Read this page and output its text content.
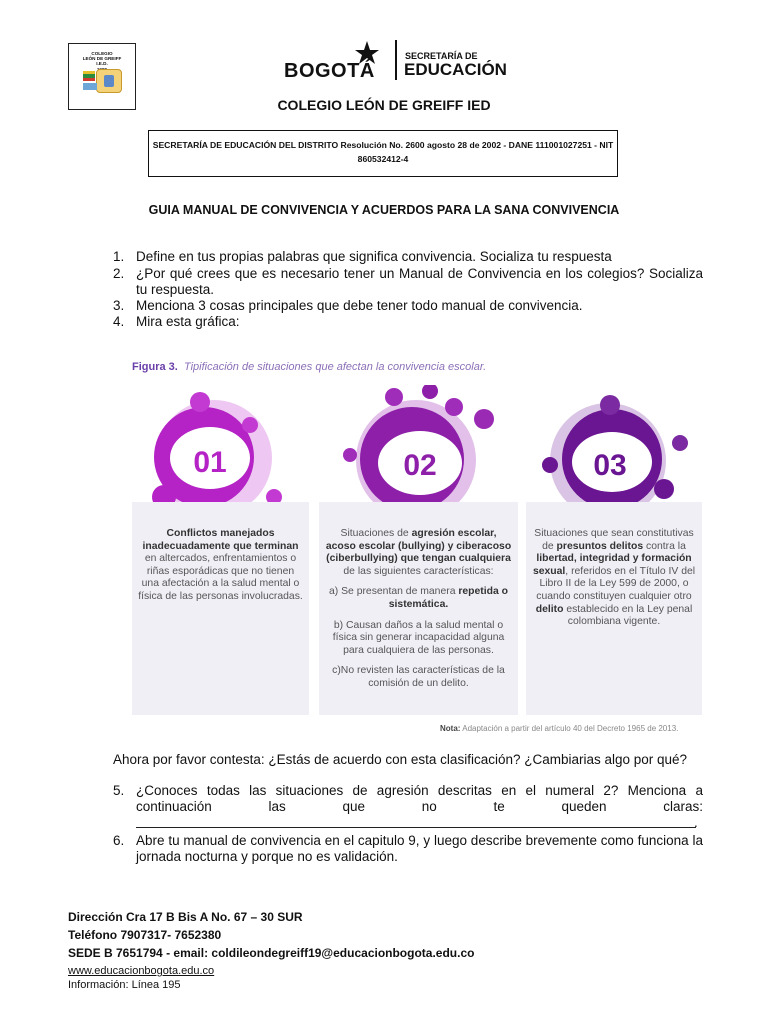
COLEGIO
LEÓN DE GREIFF
I.E.D.	BOGOTÁ
SECRETARÍA DE
EDUCACIÓN
COLEGIO LEÓN DE GREIFF IED
SECRETARÍA DE EDUCACIÓN DEL DISTRITO Resolución No. 2600 agosto 28 de 2002 - DANE 111001027251 - NIT 860532412-4
GUIA MANUAL DE CONVIVENCIA Y ACUERDOS PARA LA SANA CONVIVENCIA
1. Define en tus propias palabras que significa convivencia. Socializa tu respuesta
2. ¿Por qué crees que es necesario tener un Manual de Convivencia en los colegios? Socializa tu respuesta.
3. Menciona 3 cosas principales que debe tener todo manual de convivencia.
4. Mira esta gráfica:
Figura 3. Tipificación de situaciones que afectan la convivencia escolar.
01	02	03
Conflictos manejados inadecuadamente que terminan en altercados, enfrentamientos o riñas esporádicas que no tienen una afectación a la salud mental o física de las personas involucradas.

Situaciones de agresión escolar, acoso escolar (bullying) y ciberacoso (ciberbullying) que tengan cualquiera de las siguientes características:

a) Se presentan de manera repetida o sistemática.

b) Causan daños a la salud mental o física sin generar incapacidad alguna para cualquiera de las personas.

c)No revisten las características de la comisión de un delito.

Situaciones que sean constitutivas de presuntos delitos contra la libertad, integridad y formación sexual, referidos en el Título IV del Libro II de la Ley 599 de 2000, o cuando constituyen cualquier otro delito establecido en la Ley penal colombiana vigente.
Nota: Adaptación a partir del artículo 40 del Decreto 1965 de 2013.
Ahora por favor contesta: ¿Estás de acuerdo con esta clasificación? ¿Cambiarias algo por qué?
5. ¿Conoces todas las situaciones de agresión descritas en el numeral 2? Menciona a continuación las que no te queden claras:
.
6. Abre tu manual de convivencia en el capitulo 9, y luego describe brevemente como funciona la jornada nocturna y porque no es validación.
Dirección Cra 17 B Bis A No. 67 – 30 SUR
Teléfono 7907317- 7652380
SEDE B 7651794 - email: coldileondegreiff19@educacionbogota.edu.co
www.educacionbogota.edu.co
Información: Línea 195
